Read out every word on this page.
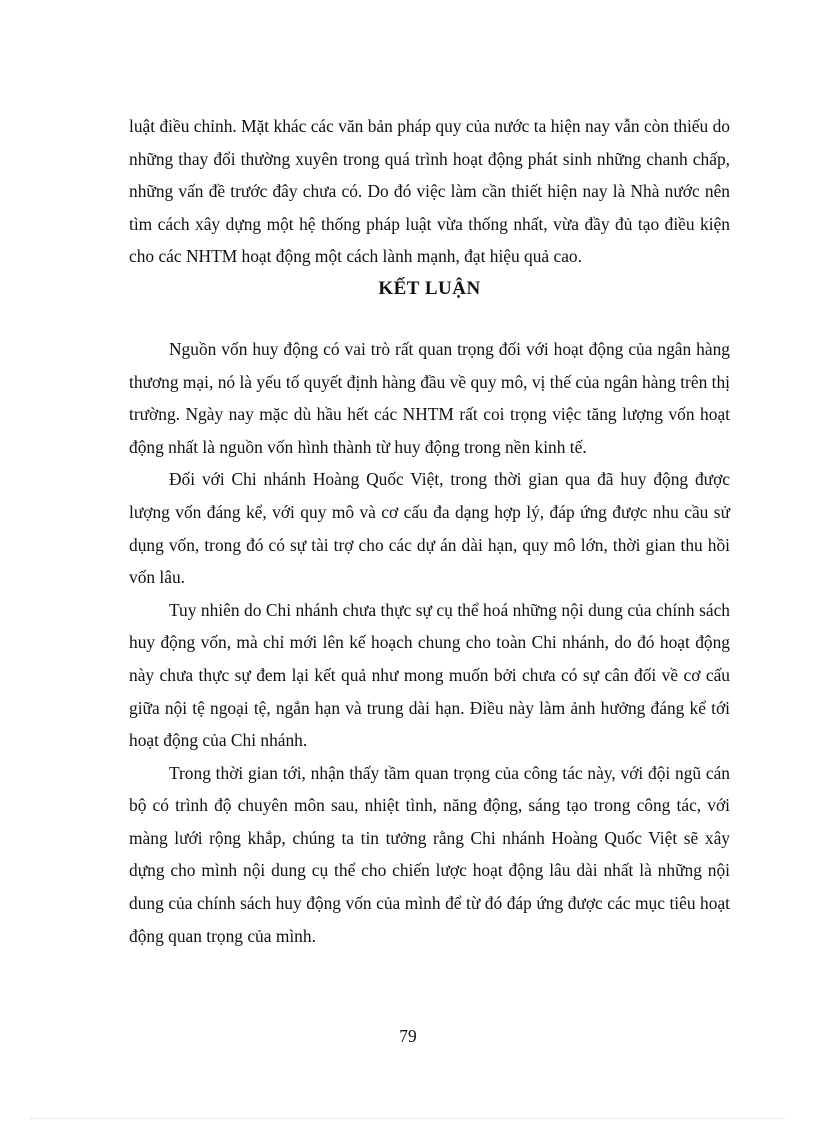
luật điều chỉnh. Mặt khác các văn bản pháp quy của nước ta hiện nay vẫn còn thiếu do những thay đổi thường xuyên trong quá trình hoạt động phát sinh những chanh chấp, những vấn đề trước đây chưa có. Do đó việc làm cần thiết hiện nay là Nhà nước nên tìm cách xây dựng một hệ thống pháp luật vừa thống nhất, vừa đầy đủ tạo điều kiện cho các NHTM hoạt động một cách lành mạnh, đạt hiệu quả cao.

KẾT LUẬN

Nguồn vốn huy động có vai trò rất quan trọng đối với hoạt động của ngân hàng thương mại, nó là yếu tố quyết định hàng đầu về quy mô, vị thế của ngân hàng trên thị trường. Ngày nay mặc dù hầu hết các NHTM rất coi trọng việc tăng lượng vốn hoạt động nhất là nguồn vốn hình thành từ huy động trong nền kinh tế.

Đối với Chi nhánh Hoàng Quốc Việt, trong thời gian qua đã huy động được lượng vốn đáng kể, với quy mô và cơ cấu đa dạng hợp lý, đáp ứng được nhu cầu sử dụng vốn, trong đó có sự tài trợ cho các dự án dài hạn, quy mô lớn, thời gian thu hồi vốn lâu.

Tuy nhiên do Chi nhánh chưa thực sự cụ thể hoá những nội dung của chính sách huy động vốn, mà chỉ mới lên kế hoạch chung cho toàn Chi nhánh, do đó hoạt động này chưa thực sự đem lại kết quả như mong muốn bởi chưa có sự cân đối về cơ cấu giữa nội tệ ngoại tệ, ngắn hạn và trung dài hạn. Điều này làm ảnh hưởng đáng kể tới hoạt động của Chi nhánh.

Trong thời gian tới, nhận thấy tầm quan trọng của công tác này, với đội ngũ cán bộ có trình độ chuyên môn sau, nhiệt tình, năng động, sáng tạo trong công tác, với màng lưới rộng khắp, chúng ta tin tưởng rằng Chi nhánh Hoàng Quốc Việt sẽ xây dựng cho mình nội dung cụ thể cho chiến lược hoạt động lâu dài nhất là những nội dung của chính sách huy động vốn của mình để từ đó đáp ứng được các mục tiêu hoạt động quan trọng của mình.

79
